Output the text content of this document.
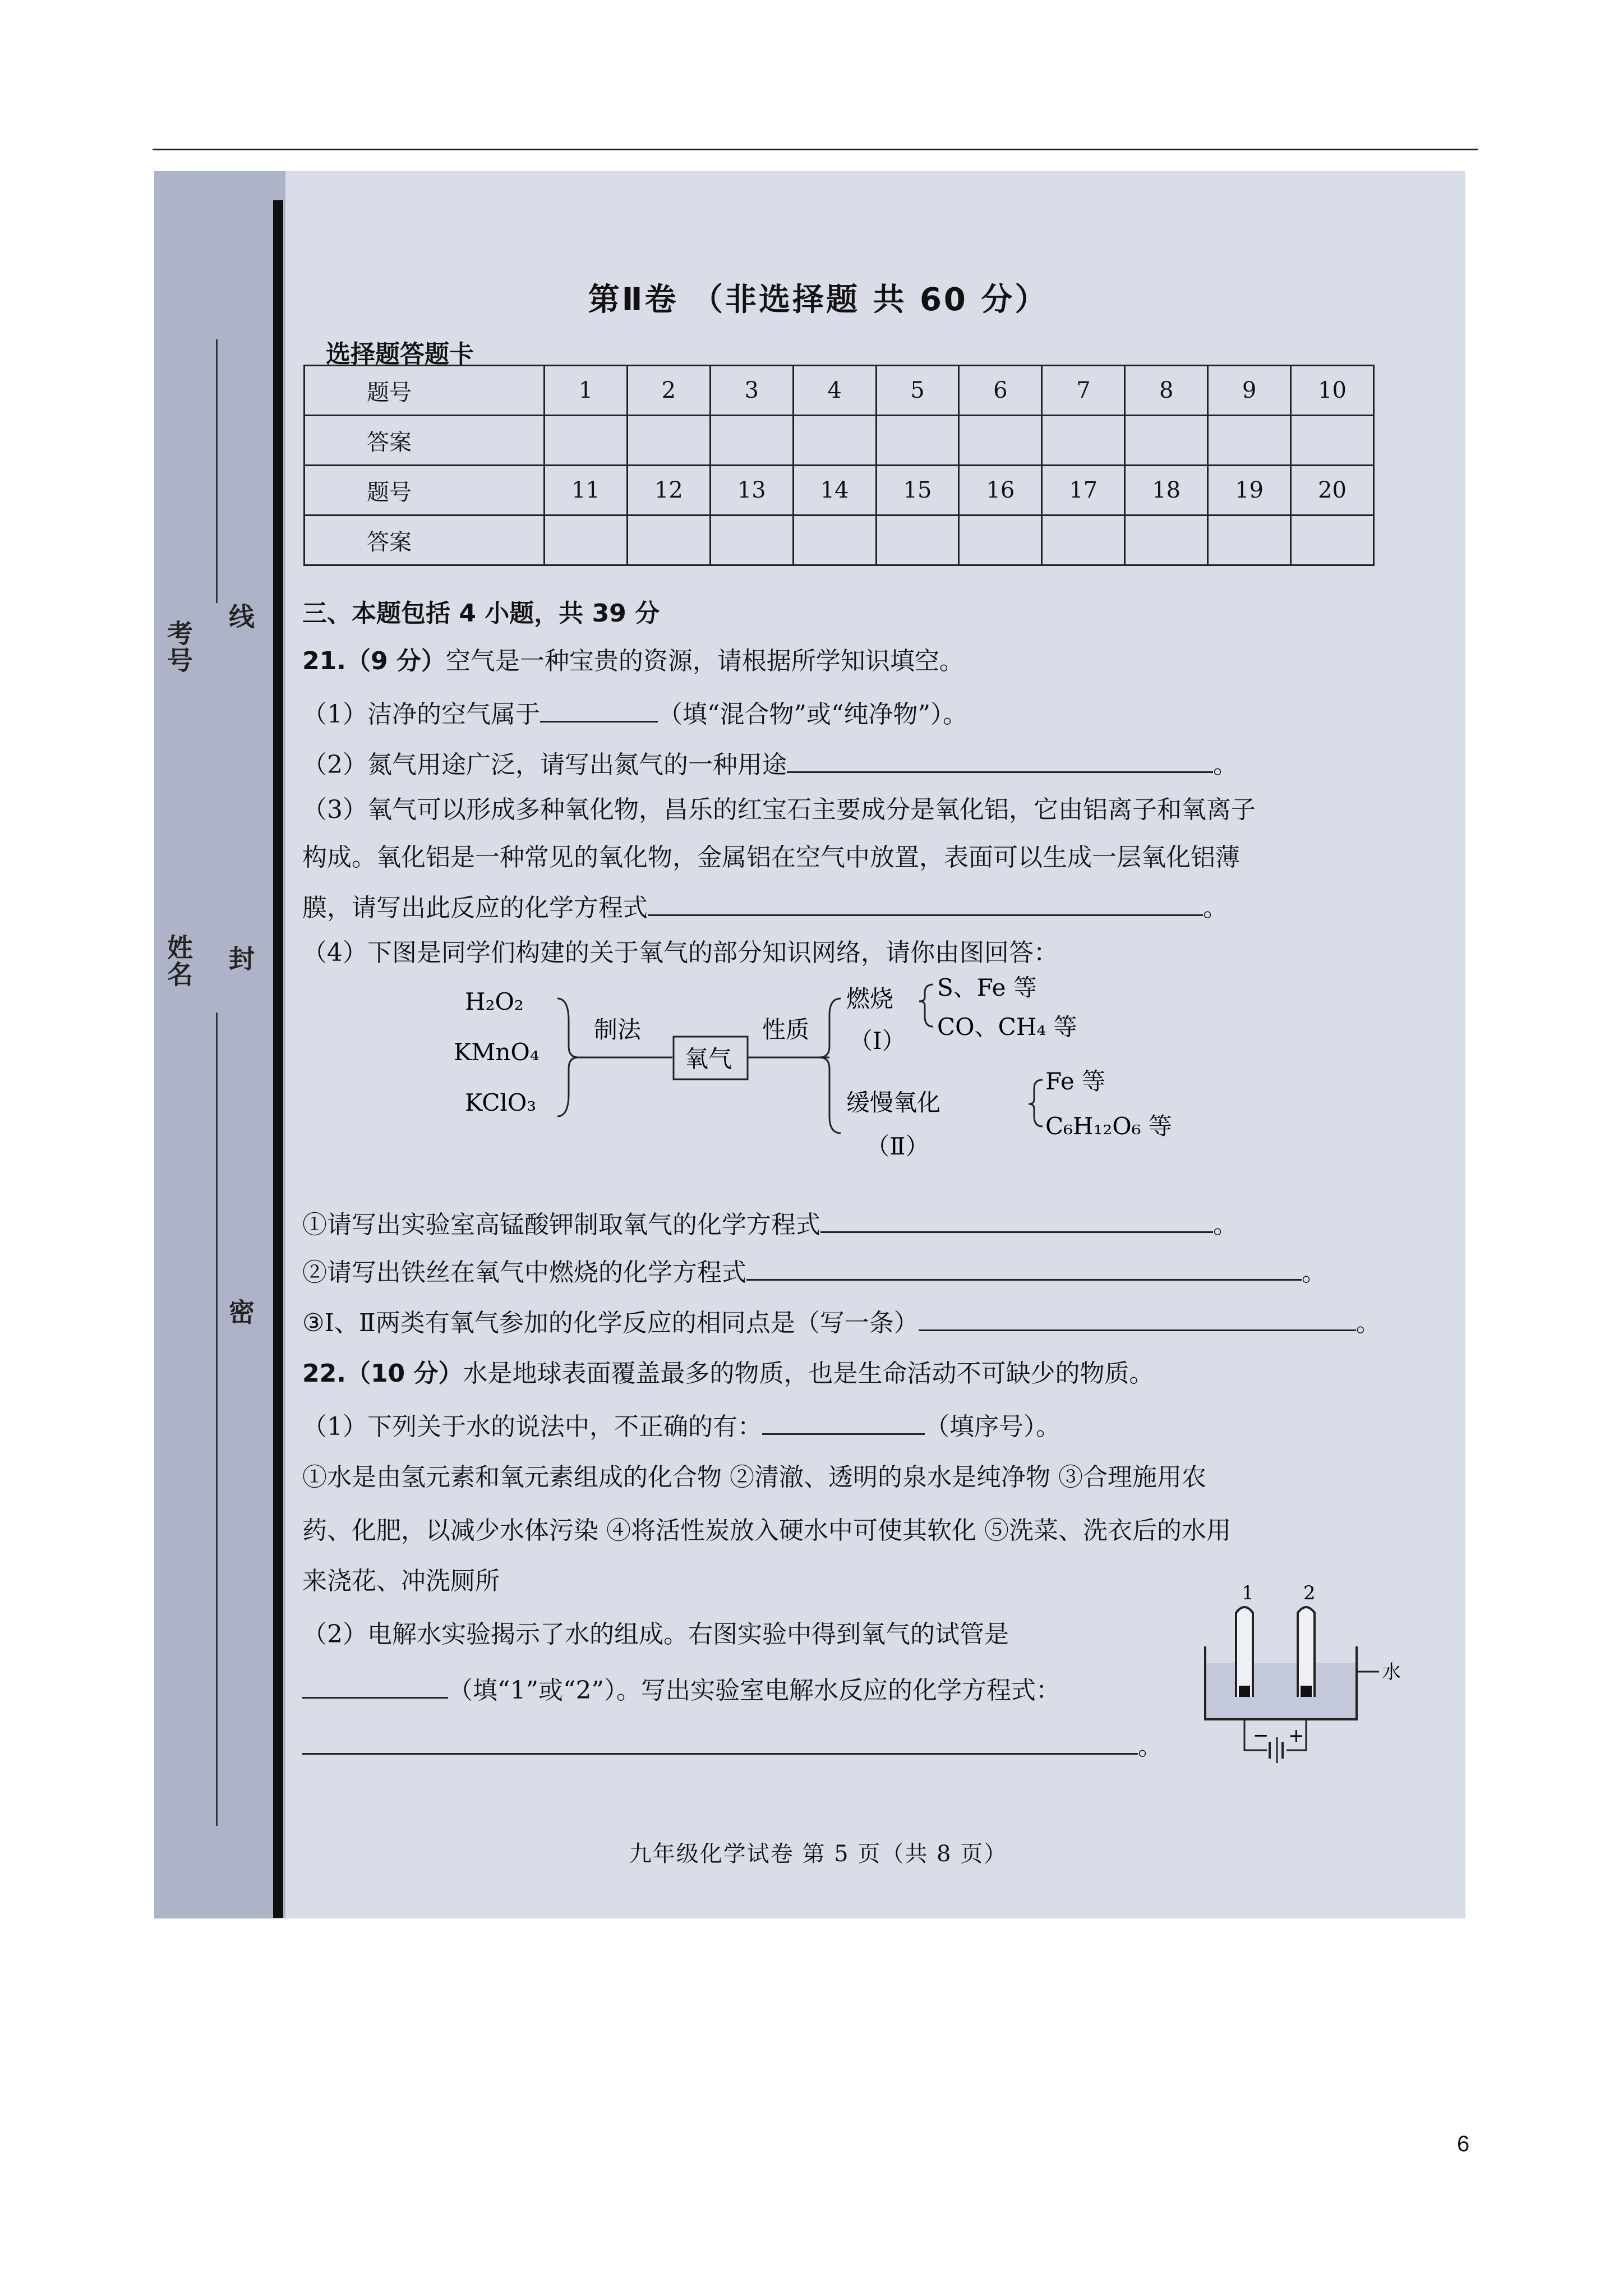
考号
线
姓名 封
密
第Ⅱ卷 （非选择题 共 60 分）
选择题答题卡
题号	1	2	3	4	5	6	7	8	9	10
答案										
题号	11	12	13	14	15	16	17	18	19	20
答案										
三、本题包括 4 小题，共 39 分
21.（9 分）空气是一种宝贵的资源，请根据所学知识填空。
（1）洁净的空气属于	（填“混合物”或“纯净物”）。
（2）氮气用途广泛，请写出氮气的一种用途	。
（3）氧气可以形成多种氧化物，昌乐的红宝石主要成分是氧化铝，它由铝离子和氧离子
构成。氧化铝是一种常见的氧化物，金属铝在空气中放置，表面可以生成一层氧化铝薄
膜，请写出此反应的化学方程式	。
（4）下图是同学们构建的关于氧气的部分知识网络，请你由图回答：
H₂O₂
KMnO₄
KClO₃
制法
氧气
性质
燃烧
（Ⅰ）
S、Fe 等
CO、CH₄ 等
缓慢氧化
（Ⅱ）
Fe 等
C₆H₁₂O₆ 等
①请写出实验室高锰酸钾制取氧气的化学方程式	。
②请写出铁丝在氧气中燃烧的化学方程式	。
③Ⅰ、Ⅱ两类有氧气参加的化学反应的相同点是（写一条）	。
22.（10 分）水是地球表面覆盖最多的物质，也是生命活动不可缺少的物质。
（1）下列关于水的说法中，不正确的有：	（填序号）。
①水是由氢元素和氧元素组成的化合物 ②清澈、透明的泉水是纯净物 ③合理施用农
药、化肥，以减少水体污染 ④将活性炭放入硬水中可使其软化 ⑤洗菜、洗衣后的水用
来浇花、冲洗厕所
（2）电解水实验揭示了水的组成。右图实验中得到氧气的试管是
（填“1”或“2”）。写出实验室电解水反应的化学方程式：
。
1	2
水
− +
九年级化学试卷 第 5 页（共 8 页）
6
